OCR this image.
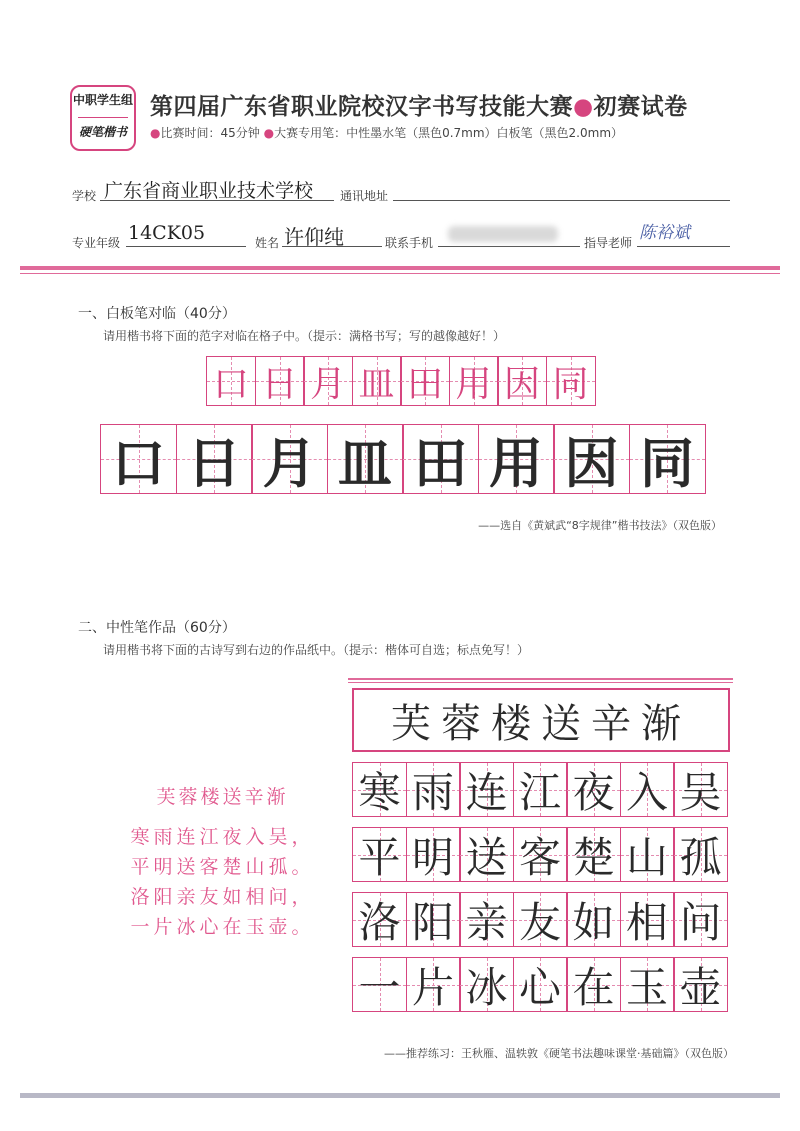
中职学生组
硬笔楷书
第四届广东省职业院校汉字书写技能大赛●初赛试卷
●比赛时间：45分钟 ●大赛专用笔：中性墨水笔（黑色0.7mm）白板笔（黑色2.0mm）
学校 广东省商业职业技术学校 通讯地址
专业年级 14CK05	姓名 许仰纯	联系手机	指导老师 陈裕斌
一、白板笔对临（40分）
请用楷书将下面的范字对临在格子中。（提示：满格书写；写的越像越好！）
口 日 月 皿 田 用 因 同
口 日 月 皿 田 用 因 同
——选自《黄斌武“8字规律”楷书技法》（双色版）
二、中性笔作品（60分）
请用楷书将下面的古诗写到右边的作品纸中。（提示：楷体可自选；标点免写！）
芙蓉楼送辛渐
寒雨连江夜入吴，
平明送客楚山孤。
洛阳亲友如相问，
一片冰心在玉壶。
芙蓉楼送辛渐
寒 雨 连 江 夜 入 吴
平 明 送 客 楚 山 孤
洛 阳 亲 友 如 相 问
一 片 冰 心 在 玉 壶
——推荐练习：王秋雁、温轶敦《硬笔书法趣味课堂·基础篇》（双色版）
